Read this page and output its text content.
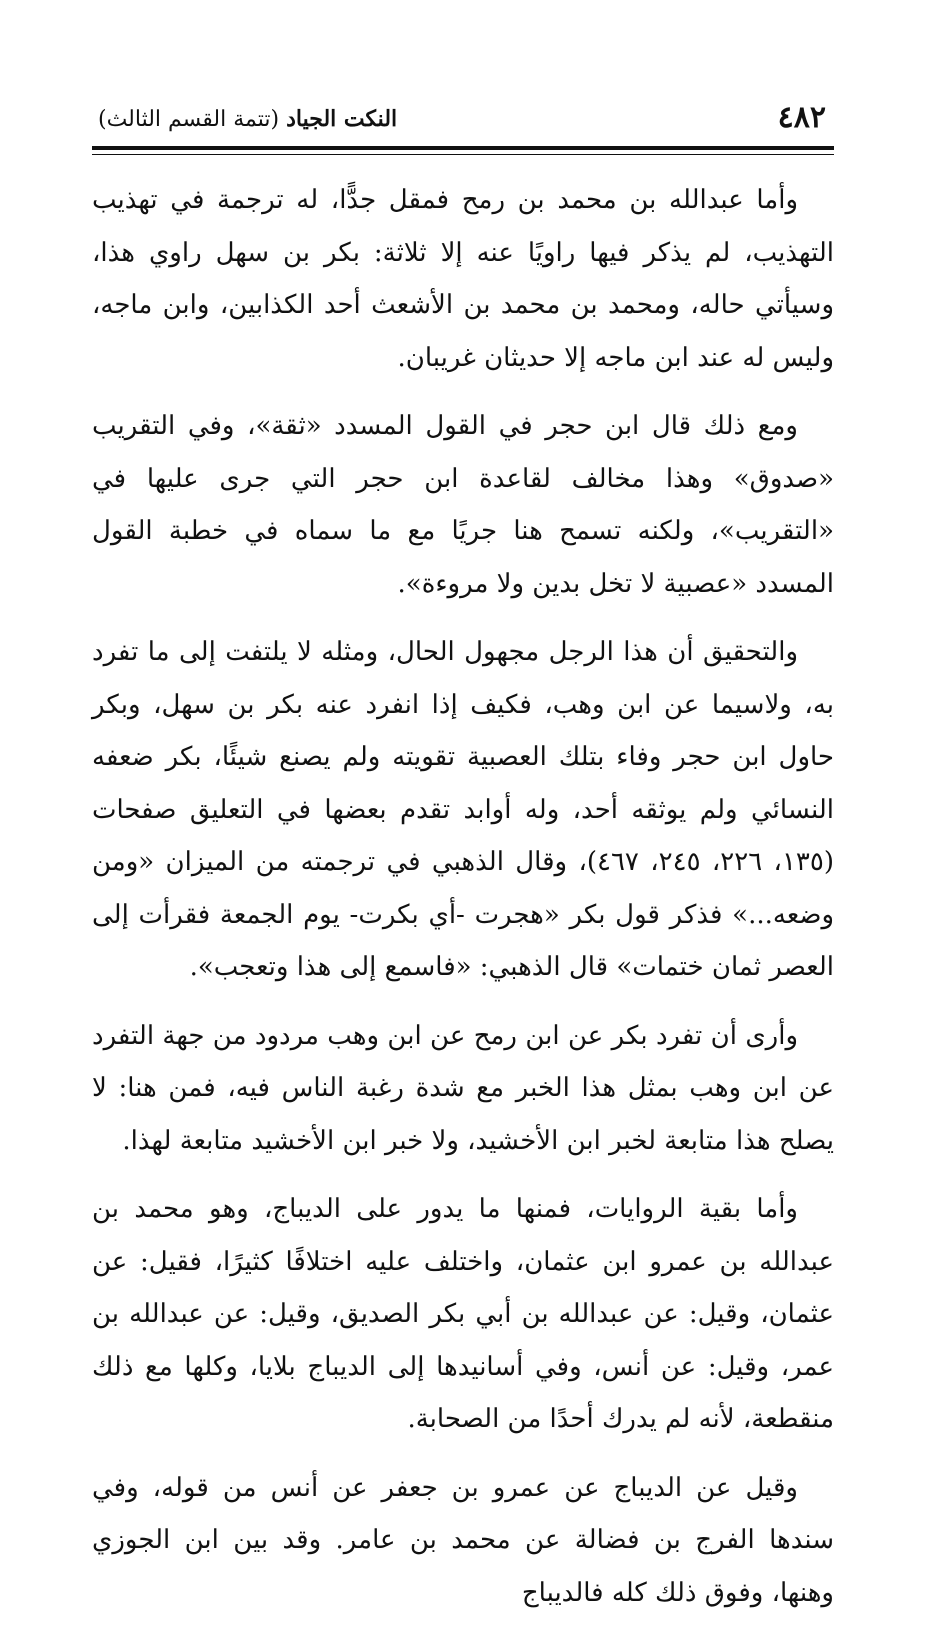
٤٨٢
النكت الجياد (تتمة القسم الثالث)

وأما عبدالله بن محمد بن رمح فمقل جدًّا، له ترجمة في تهذيب التهذيب، لم يذكر فيها راويًا عنه إلا ثلاثة: بكر بن سهل راوي هذا، وسيأتي حاله، ومحمد بن محمد بن الأشعث أحد الكذابين، وابن ماجه، وليس له عند ابن ماجه إلا حديثان غريبان.

ومع ذلك قال ابن حجر في القول المسدد «ثقة»، وفي التقريب «صدوق» وهذا مخالف لقاعدة ابن حجر التي جرى عليها في «التقريب»، ولكنه تسمح هنا جريًا مع ما سماه في خطبة القول المسدد «عصبية لا تخل بدين ولا مروءة».

والتحقيق أن هذا الرجل مجهول الحال، ومثله لا يلتفت إلى ما تفرد به، ولاسيما عن ابن وهب، فكيف إذا انفرد عنه بكر بن سهل، وبكر حاول ابن حجر وفاء بتلك العصبية تقويته ولم يصنع شيئًا، بكر ضعفه النسائي ولم يوثقه أحد، وله أوابد تقدم بعضها في التعليق صفحات (١٣٥، ٢٢٦، ٢٤٥، ٤٦٧)، وقال الذهبي في ترجمته من الميزان «ومن وضعه...» فذكر قول بكر «هجرت -أي بكرت- يوم الجمعة فقرأت إلى العصر ثمان ختمات» قال الذهبي: «فاسمع إلى هذا وتعجب».

وأرى أن تفرد بكر عن ابن رمح عن ابن وهب مردود من جهة التفرد عن ابن وهب بمثل هذا الخبر مع شدة رغبة الناس فيه، فمن هنا: لا يصلح هذا متابعة لخبر ابن الأخشيد، ولا خبر ابن الأخشيد متابعة لهذا.

وأما بقية الروايات، فمنها ما يدور على الديباج، وهو محمد بن عبدالله بن عمرو ابن عثمان، واختلف عليه اختلافًا كثيرًا، فقيل: عن عثمان، وقيل: عن عبدالله بن أبي بكر الصديق، وقيل: عن عبدالله بن عمر، وقيل: عن أنس، وفي أسانيدها إلى الديباج بلايا، وكلها مع ذلك منقطعة، لأنه لم يدرك أحدًا من الصحابة.

وقيل عن الديباج عن عمرو بن جعفر عن أنس من قوله، وفي سندها الفرج بن فضالة عن محمد بن عامر. وقد بين ابن الجوزي وهنها، وفوق ذلك كله فالديباج
